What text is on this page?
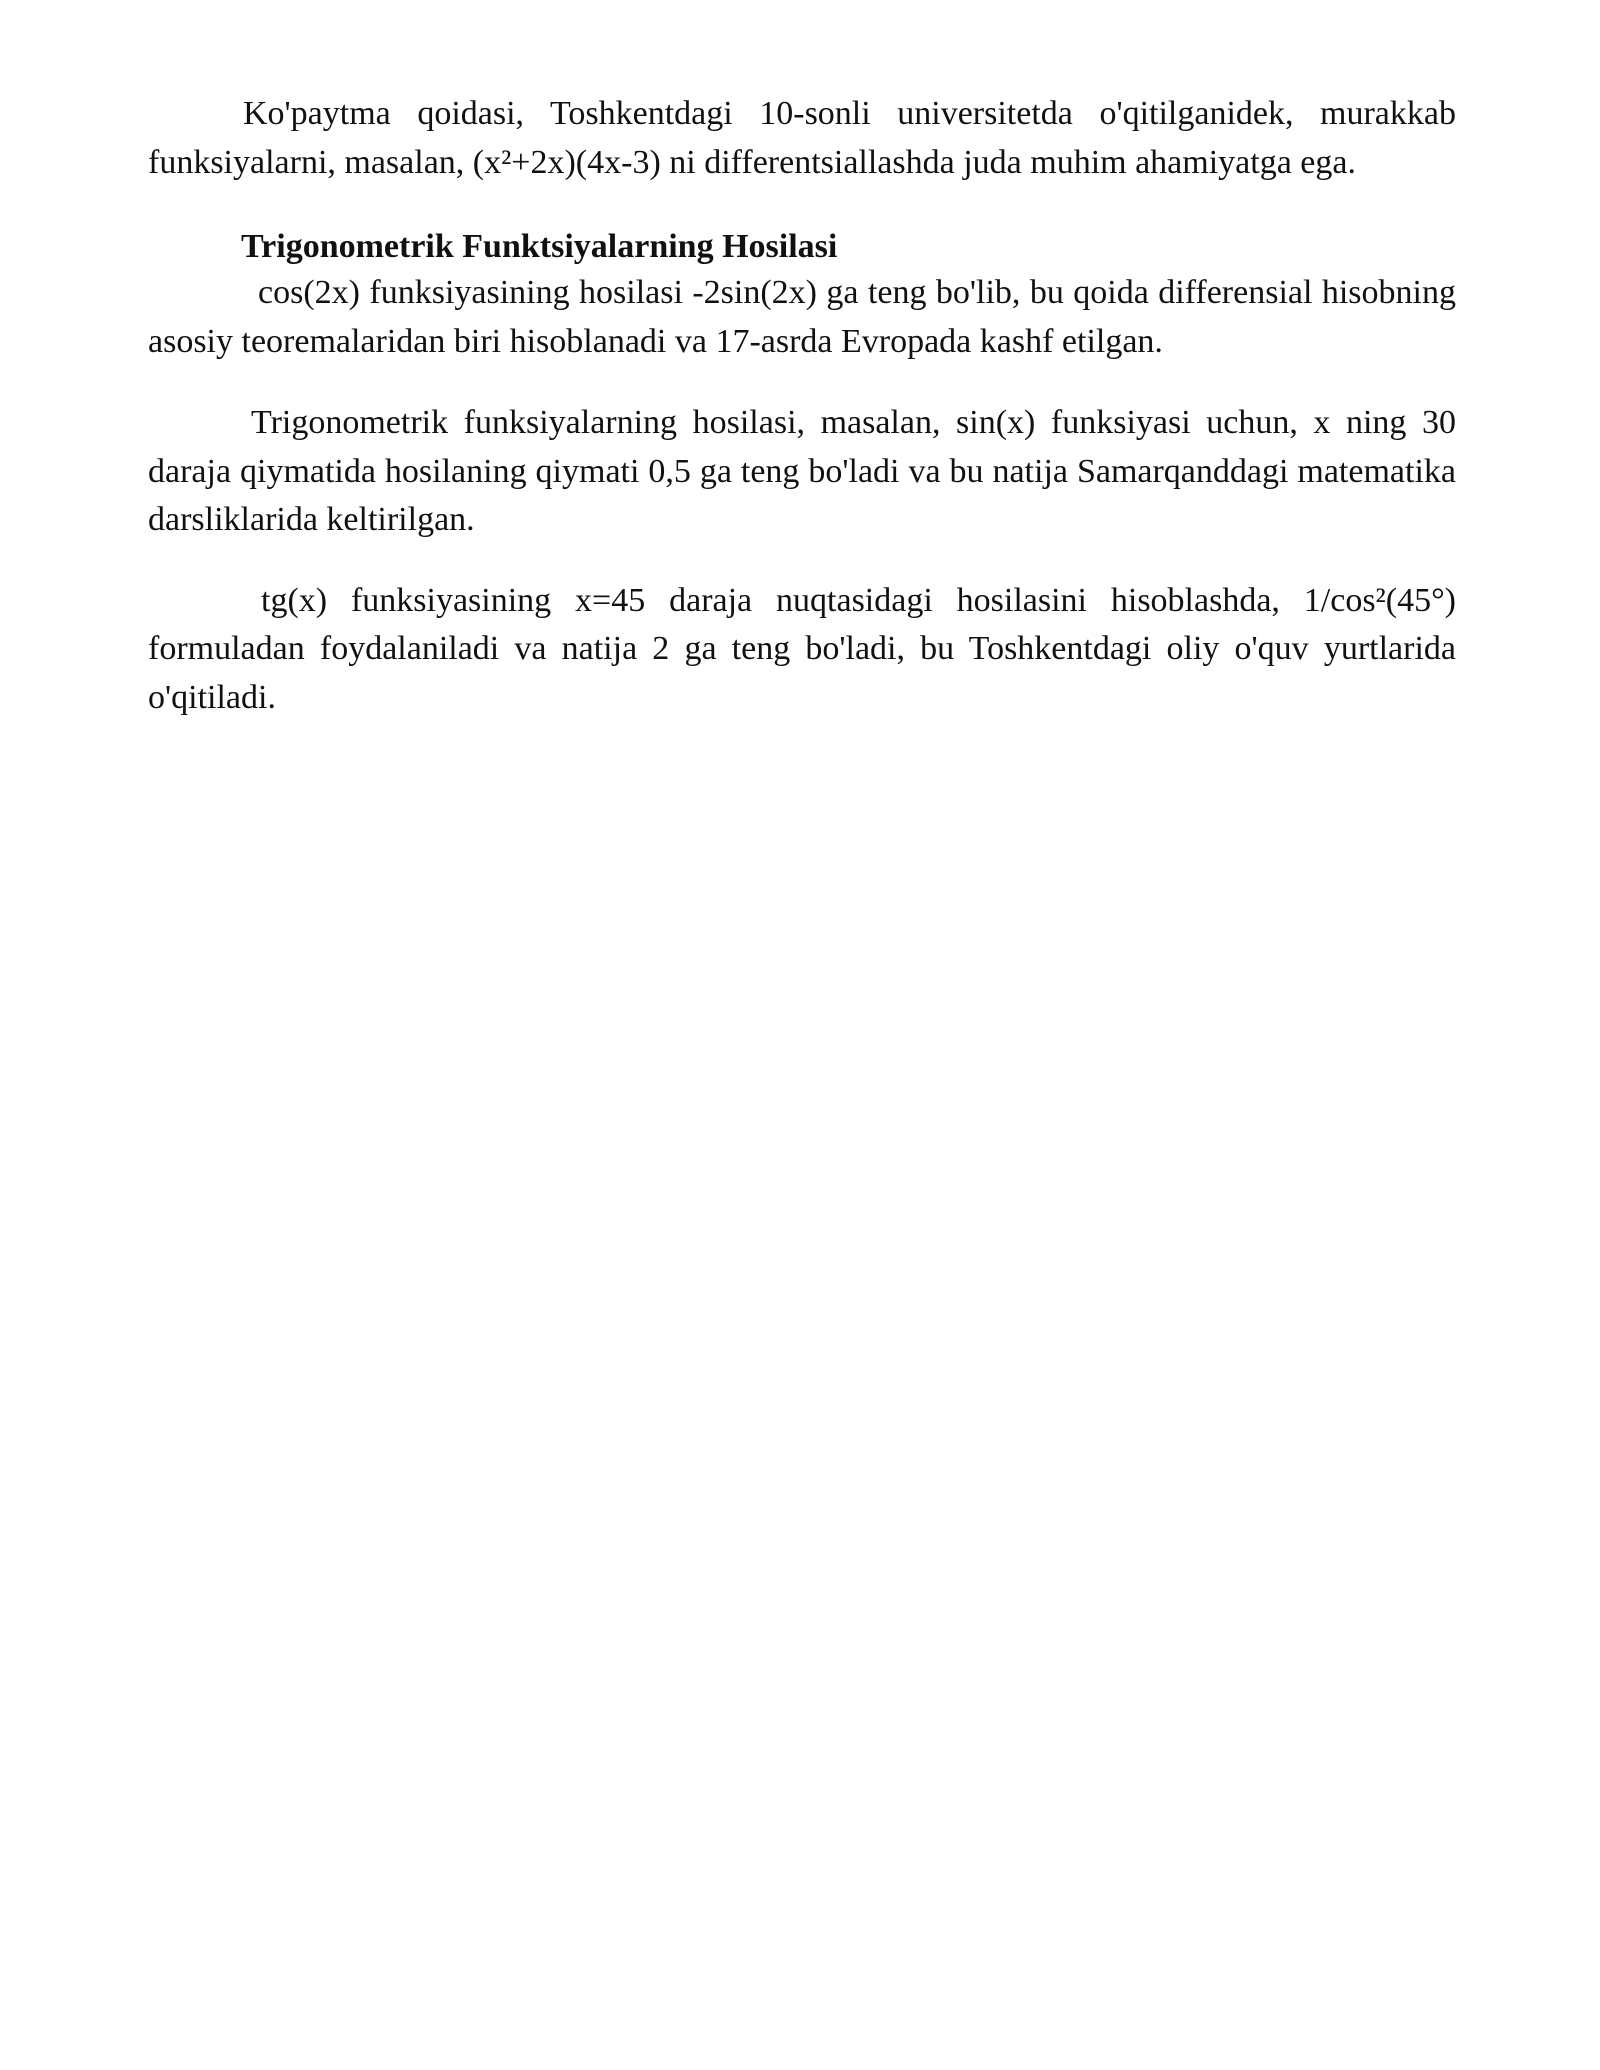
Ko'paytma qoidasi, Toshkentdagi 10-sonli universitetda o'qitilganidek, murakkab funksiyalarni, masalan, (x²+2x)(4x-3) ni differentsiallashda juda muhim ahamiyatga ega.

Trigonometrik Funktsiyalarning Hosilasi

cos(2x) funksiyasining hosilasi -2sin(2x) ga teng bo'lib, bu qoida differensial hisobning asosiy teoremalaridan biri hisoblanadi va 17-asrda Evropada kashf etilgan.

Trigonometrik funksiyalarning hosilasi, masalan, sin(x) funksiyasi uchun, x ning 30 daraja qiymatida hosilaning qiymati 0,5 ga teng bo'ladi va bu natija Samarqanddagi matematika darsliklarida keltirilgan.

tg(x) funksiyasining x=45 daraja nuqtasidagi hosilasini hisoblashda, 1/cos²(45°) formuladan foydalaniladi va natija 2 ga teng bo'ladi, bu Toshkentdagi oliy o'quv yurtlarida o'qitiladi.
